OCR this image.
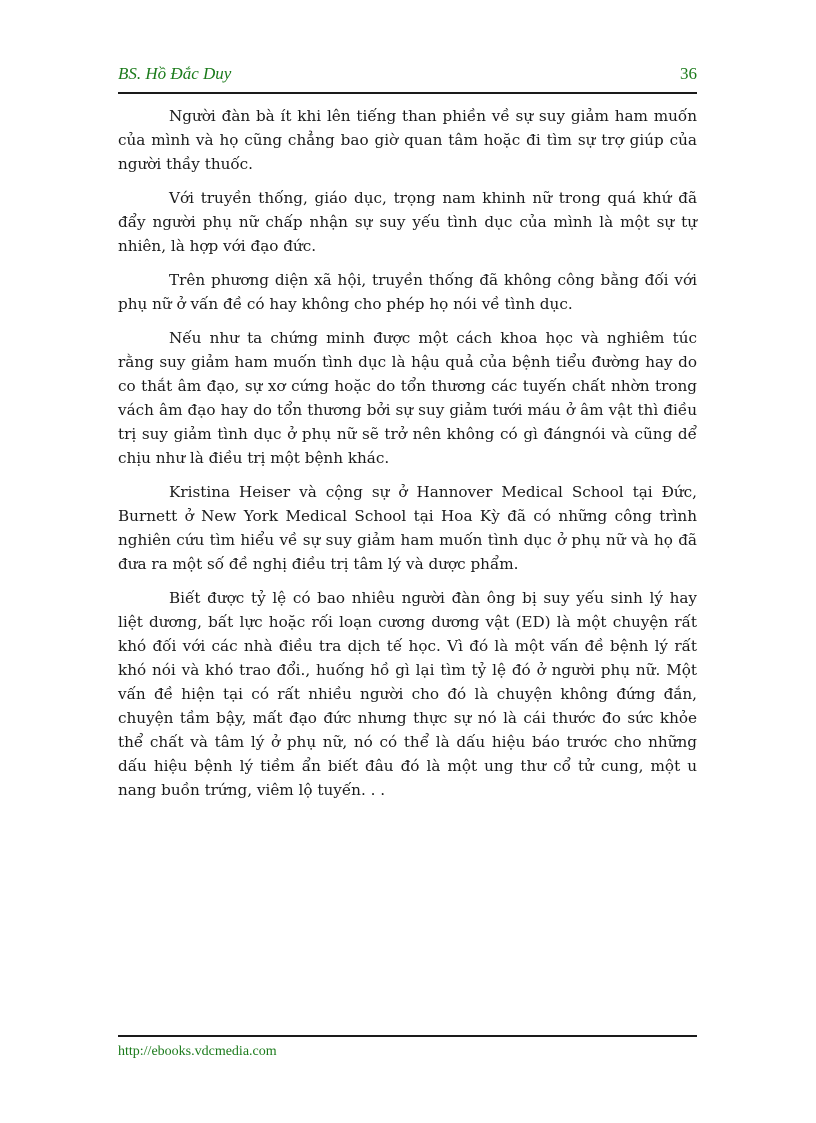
BS. Hồ Đắc Duy	36

Người đàn bà ít khi lên tiếng than phiền về sự suy giảm ham muốn của mình và họ cũng chẳng bao giờ quan tâm hoặc đi tìm sự trợ giúp của người thầy thuốc.

Với truyền thống, giáo dục, trọng nam khinh nữ trong quá khứ đã đẩy người phụ nữ chấp nhận sự suy yếu tình dục của mình là một sự tự nhiên, là hợp với đạo đức.

Trên phương diện xã hội, truyền thống đã không công bằng đối với phụ nữ ở vấn đề có hay không cho phép họ nói về tình dục.

Nếu như ta chứng minh được một cách khoa học và nghiêm túc rằng suy giảm ham muốn tình dục là hậu quả của bệnh tiểu đường hay do co thắt âm đạo, sự xơ cứng hoặc do tổn thương các tuyến chất nhờn trong vách âm đạo hay do tổn thương bởi sự suy giảm tưới máu ở âm vật thì điều trị suy giảm tình dục ở phụ nữ sẽ trở nên không có gì đángnói và cũng dể chịu như là điều trị một bệnh khác.

Kristina Heiser và cộng sự ở Hannover Medical School tại Đức, Burnett ở New York Medical School tại Hoa Kỳ đã có những công trình nghiên cứu tìm hiểu về sự suy giảm ham muốn tình dục ở phụ nữ và họ đã đưa ra một số đề nghị điều trị tâm lý và dược phẩm.

Biết được tỷ lệ có bao nhiêu người đàn ông bị suy yếu sinh lý hay liệt dương, bất lực hoặc rối loạn cương dương vật (ED) là một chuyện rất khó đối với các nhà điều tra dịch tế học. Vì đó là một vấn đề bệnh lý rất khó nói và khó trao đổi., huống hồ gì lại tìm tỷ lệ đó ở người phụ nữ. Một vấn đề hiện tại có rất nhiều người cho đó là chuyện không đứng đắn, chuyện tầm bậy, mất đạo đức nhưng thực sự nó là cái thước đo sức khỏe thể chất và tâm lý ở phụ nữ, nó có thể là dấu hiệu báo trước cho những dấu hiệu bệnh lý tiềm ẩn biết đâu đó là một ung thư cổ tử cung, một u nang buồn trứng, viêm lộ tuyến. . .

http://ebooks.vdcmedia.com
